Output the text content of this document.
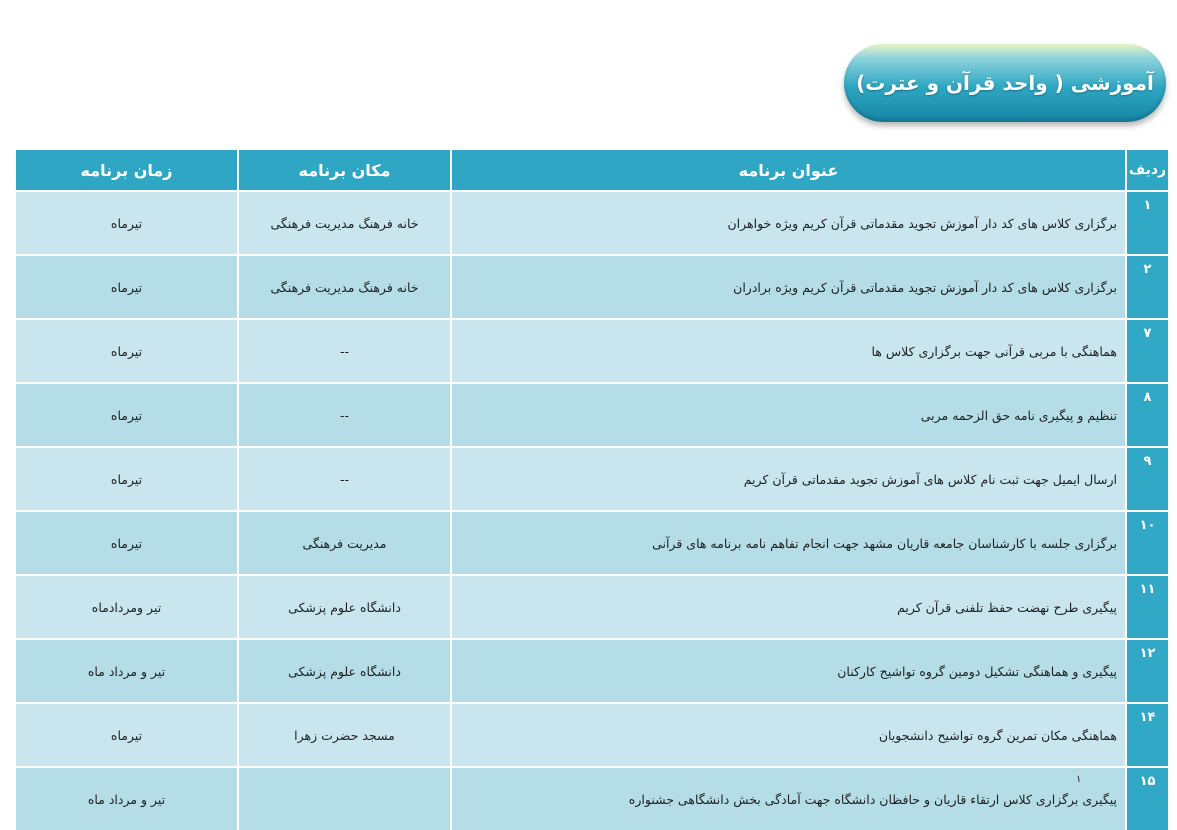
آموزشی ( واحد قرآن و عترت)
ردیف	عنوان برنامه	مکان برنامه	زمان برنامه
۱	برگزاری کلاس های کد دار آموزش تجوید مقدماتی قرآن کریم ویژه خواهران	خانه فرهنگ مدیریت فرهنگی	تیرماه
۲	برگزاری کلاس های کد دار آموزش تجوید مقدماتی قرآن کریم ویژه برادران	خانه فرهنگ مدیریت فرهنگی	تیرماه
۷	هماهنگی با مربی قرآنی جهت برگزاری کلاس ها	--	تیرماه
۸	تنظیم و پیگیری نامه حق الزحمه مربی	--	تیرماه
۹	ارسال ایمیل جهت ثبت نام کلاس های آموزش تجوید مقدماتی قرآن کریم	--	تیرماه
۱۰	برگزاری جلسه با کارشناسان جامعه قاریان مشهد جهت انجام تفاهم نامه برنامه های قرآنی	مدیریت فرهنگی	تیرماه
۱۱	پیگیری طرح نهضت حفظ تلفنی قرآن کریم	دانشگاه علوم پزشکی	تیر ومردادماه
۱۲	پیگیری و هماهنگی تشکیل دومین گروه تواشیح کارکنان	دانشگاه علوم پزشکی	تیر و مرداد ماه
۱۴	هماهنگی مکان تمرین گروه تواشیح دانشجویان	مسجد حضرت زهرا	تیرماه
۱۵	پیگیری برگزاری کلاس ارتقاء قاریان و حافظان دانشگاه جهت آمادگی بخش دانشگاهی جشنواره		تیر و مرداد ماه
۱
